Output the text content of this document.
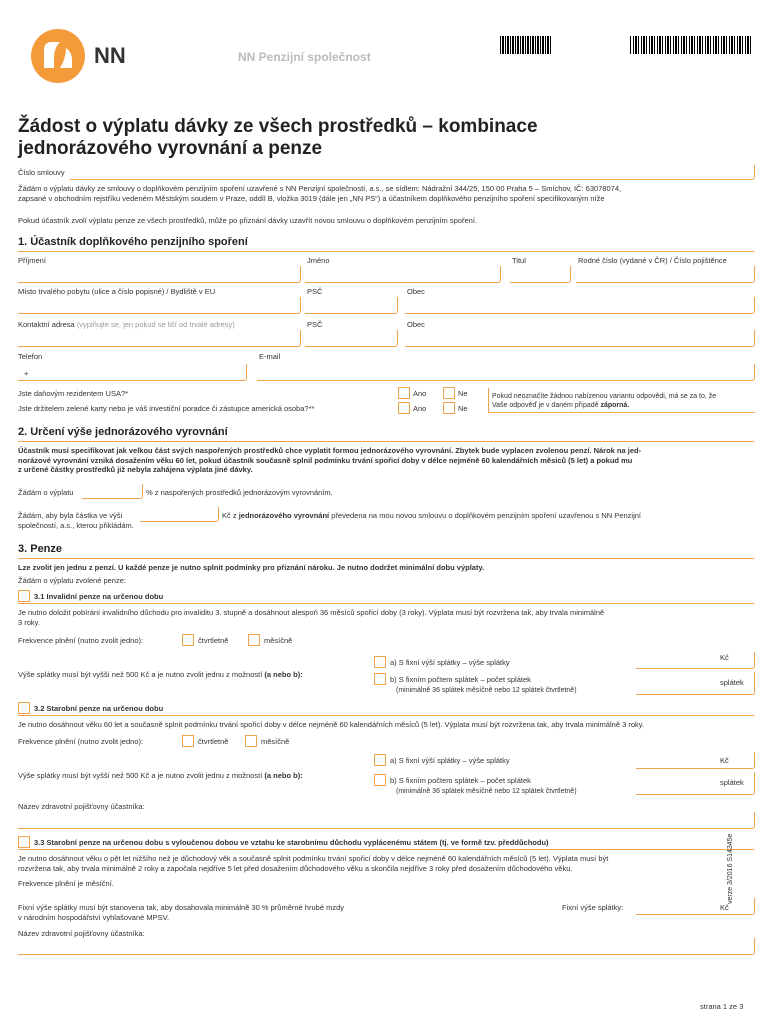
NN	NN Penzijní společnost
Žádost o výplatu dávky ze všech prostředků – kombinace
jednorázového vyrovnání a penze
Číslo smlouvy
Žádám o výplatu dávky ze smlouvy o doplňkovém penzijním spoření uzavřené s NN Penzijní společností, a.s., se sídlem: Nádražní 344/25, 150 00 Praha 5 – Smíchov, IČ: 63078074,
zapsané v obchodním rejstříku vedeném Městským soudem v Praze, oddíl B, vložka 3019 (dále jen „NN PS“) a účastníkem doplňkového penzijního spoření specifikovaným níže
Pokud účastník zvolí výplatu penze ze všech prostředků, může po přiznání dávky uzavřít novou smlouvu o doplňkovém penzijním spoření.
1. Účastník doplňkového penzijního spoření
Příjmení	Jméno	Titul	Rodné číslo (vydané v ČR) / Číslo pojištěnce
Místo trvalého pobytu (ulice a číslo popisné) / Bydliště v EU	PSČ	Obec
Kontaktní adresa (vyplňujte se, jen pokud se liší od trvalé adresy)	PSČ	Obec
Telefon
+
E-mail
Jste daňovým rezidentem USA?*	Ano	Ne
Jste držitelem zelené karty nebo je váš investiční poradce či zástupce americká osoba?**	Ano	Ne
Pokud neoznačíte žádnou nabízenou variantu odpovědi, má se za to, že
Vaše odpověď je v daném případě záporná.
2. Určení výše jednorázového vyrovnání
Účastník musí specifikovat jak velkou část svých naspořených prostředků chce vyplatit formou jednorázového vyrovnání. Zbytek bude vyplacen zvolenou penzí. Nárok na jed-
norázové vyrovnání vzniká dosažením věku 60 let, pokud účastník současně splnil podmínku trvání spořicí doby v délce nejméně 60 kalendářních měsíců (5 let) a pokud mu
z určené částky prostředků již nebyla zahájena výplata jiné dávky.
Žádám o výplatu	% z naspořených prostředků jednorázovým vyrovnáním.
Žádám, aby byla částka ve výši	Kč z jednorázového vyrovnání převedena na mou novou smlouvu o doplňkovém penzijním spoření uzavřenou s NN Penzijní
společností, a.s., kterou přikládám.
3. Penze
Lze zvolit jen jednu z penzí. U každé penze je nutno splnit podmínky pro přiznání nároku. Je nutno dodržet minimální dobu výplaty.
Žádám o výplatu zvolené penze:
3.1 Invalidní penze na určenou dobu
Je nutno doložit pobírání invalidního důchodu pro invaliditu 3. stupně a dosáhnout alespoň 36 měsíců spořicí doby (3 roky). Výplata musí být rozvržena tak, aby trvala minimálně
3 roky.
Frekvence plnění (nutno zvolit jedno):	čtvrtletně	měsíčně
Výše splátky musí být vyšší než 500 Kč a je nutno zvolit jednu z možností (a nebo b):
a) S fixní výší splátky – výše splátky
Kč
b) S fixním počtem splátek – počet splátek
(minimálně 36 splátek měsíčně nebo 12 splátek čtvrtletně)
splátek
3.2 Starobní penze na určenou dobu
Je nutno dosáhnout věku 60 let a současně splnit podmínku trvání spořicí doby v délce nejméně 60 kalendářních měsíců (5 let). Výplata musí být rozvržena tak, aby trvala minimálně 3 roky.
Frekvence plnění (nutno zvolit jedno):	čtvrtletně	měsíčně
Výše splátky musí být vyšší než 500 Kč a je nutno zvolit jednu z možností (a nebo b):
a) S fixní výší splátky – výše splátky	Kč
b) S fixním počtem splátek – počet splátek
(minimálně 36 splátek měsíčně nebo 12 splátek čtvrtletně)
splátek
Název zdravotní pojišťovny účastníka:
3.3 Starobní penze na určenou dobu s vyloučenou dobou ve vztahu ke starobnímu důchodu vyplácenému státem (tj. ve formě tzv. předdůchodu)
Je nutno dosáhnout věku o pět let nižšího než je důchodový věk a současně splnit podmínku trvání spořicí doby v délce nejméně 60 kalendářních měsíců (5 let). Výplata musí být
rozvržena tak, aby trvala minimálně 2 roky a započala nejdříve 5 let před dosažením důchodového věku a skončila nejdříve 3 roky před dosažením důchodového věku.
Frekvence plnění je měsíční.
Fixní výše splátky musí být stanovena tak, aby dosahovala minimálně 30 % průměrné hrubé mzdy
v národním hospodářství vyhlašované MPSV.
Fixní výše splátky:	Kč
Název zdravotní pojišťovny účastníka:
strana 1 ze 3
verze 3/2016 S14345e
